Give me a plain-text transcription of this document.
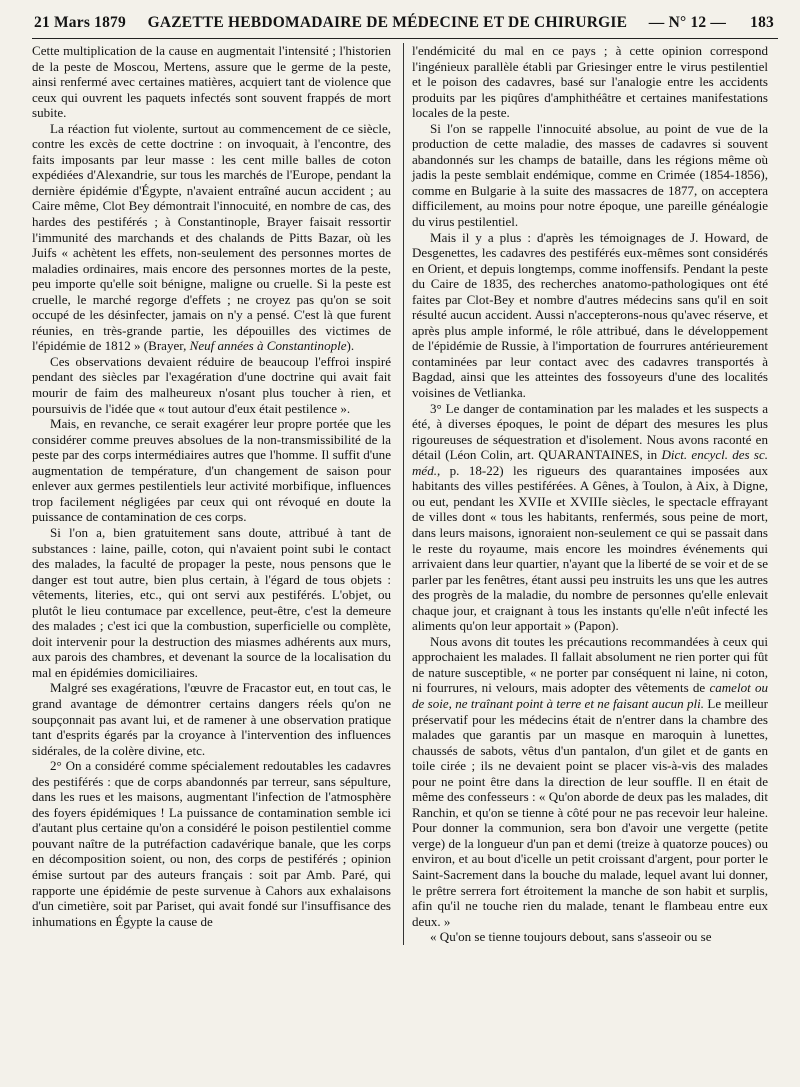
21 Mars 1879 GAZETTE HEBDOMADAIRE DE MÉDECINE ET DE CHIRURGIE — N° 12 — 183

Cette multiplication de la cause en augmentait l'intensité ; l'historien de la peste de Moscou, Mertens, assure que le germe de la peste, ainsi renfermé avec certaines matières, acquiert tant de violence que ceux qui ouvrent les paquets infectés sont souvent frappés de mort subite.

La réaction fut violente, surtout au commencement de ce siècle, contre les excès de cette doctrine : on invoquait, à l'encontre, des faits imposants par leur masse : les cent mille balles de coton expédiées d'Alexandrie, sur tous les marchés de l'Europe, pendant la dernière épidémie d'Égypte, n'avaient entraîné aucun accident ; au Caire même, Clot Bey démontrait l'innocuité, en nombre de cas, des hardes des pestiférés ; à Constantinople, Brayer faisait ressortir l'immunité des marchands et des chalands de Pitts Bazar, où les Juifs « achètent les effets, non-seulement des personnes mortes de maladies ordinaires, mais encore des personnes mortes de la peste, peu importe qu'elle soit bénigne, maligne ou cruelle. Si la peste est cruelle, le marché regorge d'effets ; ne croyez pas qu'on se soit occupé de les désinfecter, jamais on n'y a pensé. C'est là que furent réunies, en très-grande partie, les dépouilles des victimes de l'épidémie de 1812 » (Brayer, Neuf années à Constantinople).

Ces observations devaient réduire de beaucoup l'effroi inspiré pendant des siècles par l'exagération d'une doctrine qui avait fait mourir de faim des malheureux n'osant plus toucher à rien, et poursuivis de l'idée que « tout autour d'eux était pestilence ».

Mais, en revanche, ce serait exagérer leur propre portée que les considérer comme preuves absolues de la non-transmissibilité de la peste par des corps intermédiaires autres que l'homme. Il suffit d'une augmentation de température, d'un changement de saison pour enlever aux germes pestilentiels leur activité morbifique, influences trop facilement négligées par ceux qui ont révoqué en doute la puissance de contamination de ces corps.

Si l'on a, bien gratuitement sans doute, attribué à tant de substances : laine, paille, coton, qui n'avaient point subi le contact des malades, la faculté de propager la peste, nous pensons que le danger est tout autre, bien plus certain, à l'égard de tous objets : vêtements, literies, etc., qui ont servi aux pestiférés. L'objet, ou plutôt le lieu contumace par excellence, peut-être, c'est la demeure des malades ; c'est ici que la combustion, superficielle ou complète, doit intervenir pour la destruction des miasmes adhérents aux murs, aux parois des chambres, et devenant la source de la localisation du mal en épidémies domiciliaires.

Malgré ses exagérations, l'œuvre de Fracastor eut, en tout cas, le grand avantage de démontrer certains dangers réels qu'on ne soupçonnait pas avant lui, et de ramener à une observation pratique tant d'esprits égarés par la croyance à l'intervention des influences sidérales, de la colère divine, etc.

2° On a considéré comme spécialement redoutables les cadavres des pestiférés : que de corps abandonnés par terreur, sans sépulture, dans les rues et les maisons, augmentant l'infection de l'atmosphère des foyers épidémiques ! La puissance de contamination semble ici d'autant plus certaine qu'on a considéré le poison pestilentiel comme pouvant naître de la putréfaction cadavérique banale, que les corps en décomposition soient, ou non, des corps de pestiférés ; opinion émise surtout par des auteurs français : soit par Amb. Paré, qui rapporte une épidémie de peste survenue à Cahors aux exhalaisons d'un cimetière, soit par Pariset, qui avait fondé sur l'insuffisance des inhumations en Égypte la cause de

l'endémicité du mal en ce pays ; à cette opinion correspond l'ingénieux parallèle établi par Griesinger entre le virus pestilentiel et le poison des cadavres, basé sur l'analogie entre les accidents produits par les piqûres d'amphithéâtre et certaines manifestations locales de la peste.

Si l'on se rappelle l'innocuité absolue, au point de vue de la production de cette maladie, des masses de cadavres si souvent abandonnés sur les champs de bataille, dans les régions même où jadis la peste semblait endémique, comme en Crimée (1854-1856), comme en Bulgarie à la suite des massacres de 1877, on acceptera difficilement, au moins pour notre époque, une pareille généalogie du virus pestilentiel.

Mais il y a plus : d'après les témoignages de J. Howard, de Desgenettes, les cadavres des pestiférés eux-mêmes sont considérés en Orient, et depuis longtemps, comme inoffensifs. Pendant la peste du Caire de 1835, des recherches anatomo-pathologiques ont été faites par Clot-Bey et nombre d'autres médecins sans qu'il en soit résulté aucun accident. Aussi n'accepterons-nous qu'avec réserve, et après plus ample informé, le rôle attribué, dans le développement de l'épidémie de Russie, à l'importation de fourrures antérieurement contaminées par leur contact avec des cadavres transportés à Bagdad, ainsi que les atteintes des fossoyeurs d'une des localités voisines de Vetlianka.

3° Le danger de contamination par les malades et les suspects a été, à diverses époques, le point de départ des mesures les plus rigoureuses de séquestration et d'isolement. Nous avons raconté en détail (Léon Colin, art. QUARANTAINES, in Dict. encycl. des sc. méd., p. 18-22) les rigueurs des quarantaines imposées aux habitants des villes pestiférées. A Gênes, à Toulon, à Aix, à Digne, ou eut, pendant les XVIIe et XVIIIe siècles, le spectacle effrayant de villes dont « tous les habitants, renfermés, sous peine de mort, dans leurs maisons, ignoraient non-seulement ce qui se passait dans le reste du royaume, mais encore les moindres événements qui arrivaient dans leur quartier, n'ayant que la liberté de se voir et de se parler par les fenêtres, étant aussi peu instruits les uns que les autres des progrès de la maladie, du nombre de personnes qu'elle enlevait chaque jour, et craignant à tous les instants qu'elle n'eût infecté les aliments qu'on leur apportait » (Papon).

Nous avons dit toutes les précautions recommandées à ceux qui approchaient les malades. Il fallait absolument ne rien porter qui fût de nature susceptible, « ne porter par conséquent ni laine, ni coton, ni fourrures, ni velours, mais adopter des vêtements de camelot ou de soie, ne traînant point à terre et ne faisant aucun pli. Le meilleur préservatif pour les médecins était de n'entrer dans la chambre des malades que garantis par un masque en maroquin à lunettes, chaussés de sabots, vêtus d'un pantalon, d'un gilet et de gants en toile cirée ; ils ne devaient point se placer vis-à-vis des malades pour ne point être dans la direction de leur souffle. Il en était de même des confesseurs : « Qu'on aborde de deux pas les malades, dit Ranchin, et qu'on se tienne à côté pour ne pas recevoir leur haleine. Pour donner la communion, sera bon d'avoir une vergette (petite verge) de la longueur d'un pan et demi (treize à quatorze pouces) ou environ, et au bout d'icelle un petit croissant d'argent, pour porter le Saint-Sacrement dans la bouche du malade, lequel avant lui donner, le prêtre serrera fort étroitement la manche de son habit et surplis, afin qu'il ne touche rien du malade, tenant le flambeau entre eux deux. »

« Qu'on se tienne toujours debout, sans s'asseoir ou se
